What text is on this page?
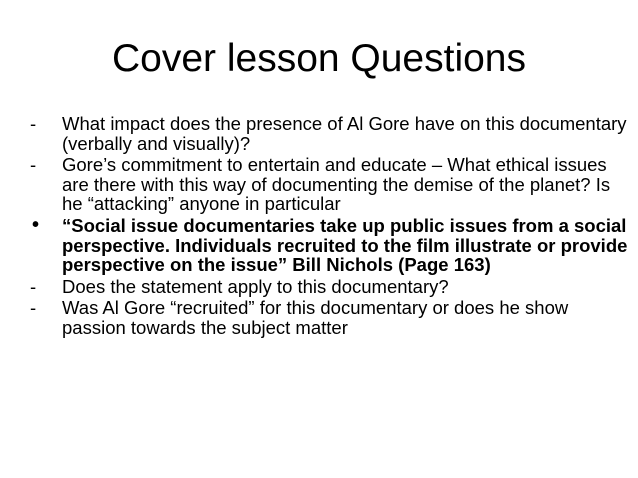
Cover lesson Questions
-	What impact does the presence of Al Gore have on this documentary (verbally and visually)?
-	Gore’s commitment to entertain and educate – What ethical issues are there with this way of documenting the demise of the planet? Is he “attacking” anyone in particular
•	“Social issue documentaries take up public issues from a social perspective. Individuals recruited to the film illustrate or provide perspective on the issue” Bill Nichols (Page 163)
-	Does the statement apply to this documentary?
-	Was Al Gore “recruited” for this documentary or does he show passion towards the subject matter
